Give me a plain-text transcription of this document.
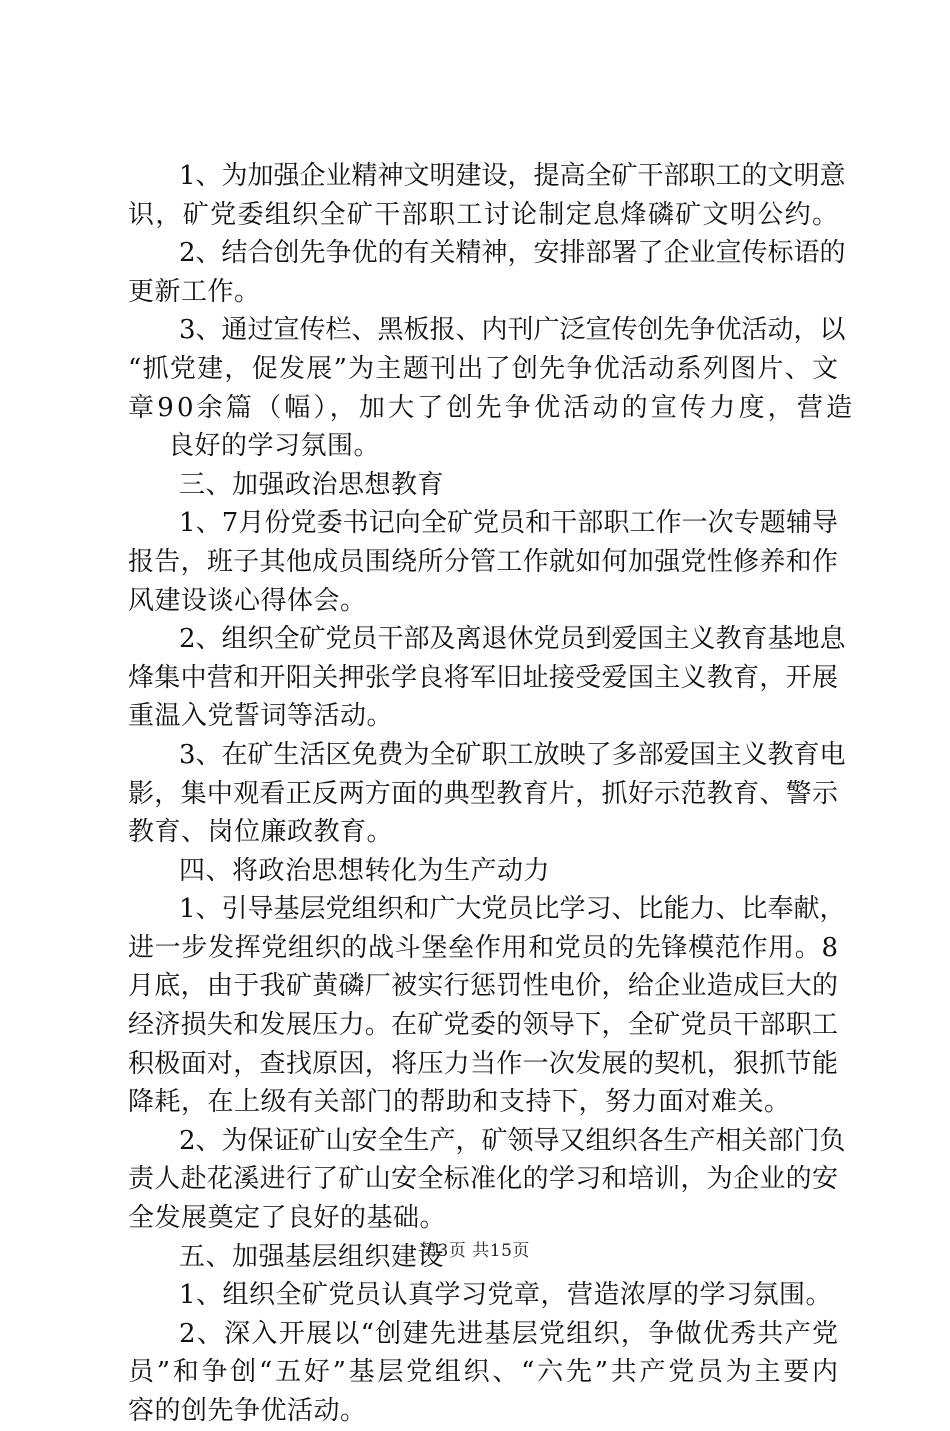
1、为加强企业精神文明建设，提高全矿干部职工的文明意
识，矿党委组织全矿干部职工讨论制定息烽磷矿文明公约。
2、结合创先争优的有关精神，安排部署了企业宣传标语的
更新工作。
3、通过宣传栏、黑板报、内刊广泛宣传创先争优活动，以
“抓党建，促发展”为主题刊出了创先争优活动系列图片、文
章90余篇（幅），加大了创先争优活动的宣传力度，营造
良好的学习氛围。
三、加强政治思想教育
1、7月份党委书记向全矿党员和干部职工作一次专题辅导
报告，班子其他成员围绕所分管工作就如何加强党性修养和作
风建设谈心得体会。
2、组织全矿党员干部及离退休党员到爱国主义教育基地息
烽集中营和开阳关押张学良将军旧址接受爱国主义教育，开展
重温入党誓词等活动。
3、在矿生活区免费为全矿职工放映了多部爱国主义教育电
影，集中观看正反两方面的典型教育片，抓好示范教育、警示
教育、岗位廉政教育。
四、将政治思想转化为生产动力
1、引导基层党组织和广大党员比学习、比能力、比奉献，
进一步发挥党组织的战斗堡垒作用和党员的先锋模范作用。8
月底，由于我矿黄磷厂被实行惩罚性电价，给企业造成巨大的
经济损失和发展压力。在矿党委的领导下，全矿党员干部职工
积极面对，查找原因，将压力当作一次发展的契机，狠抓节能
降耗，在上级有关部门的帮助和支持下，努力面对难关。
2、为保证矿山安全生产，矿领导又组织各生产相关部门负
责人赴花溪进行了矿山安全标准化的学习和培训，为企业的安
全发展奠定了良好的基础。
五、加强基层组织建设
1、组织全矿党员认真学习党章，营造浓厚的学习氛围。
2、深入开展以“创建先进基层党组织，争做优秀共产党
员”和争创“五好”基层党组织、“六先”共产党员为主要内
容的创先争优活动。
第3页 共15页
